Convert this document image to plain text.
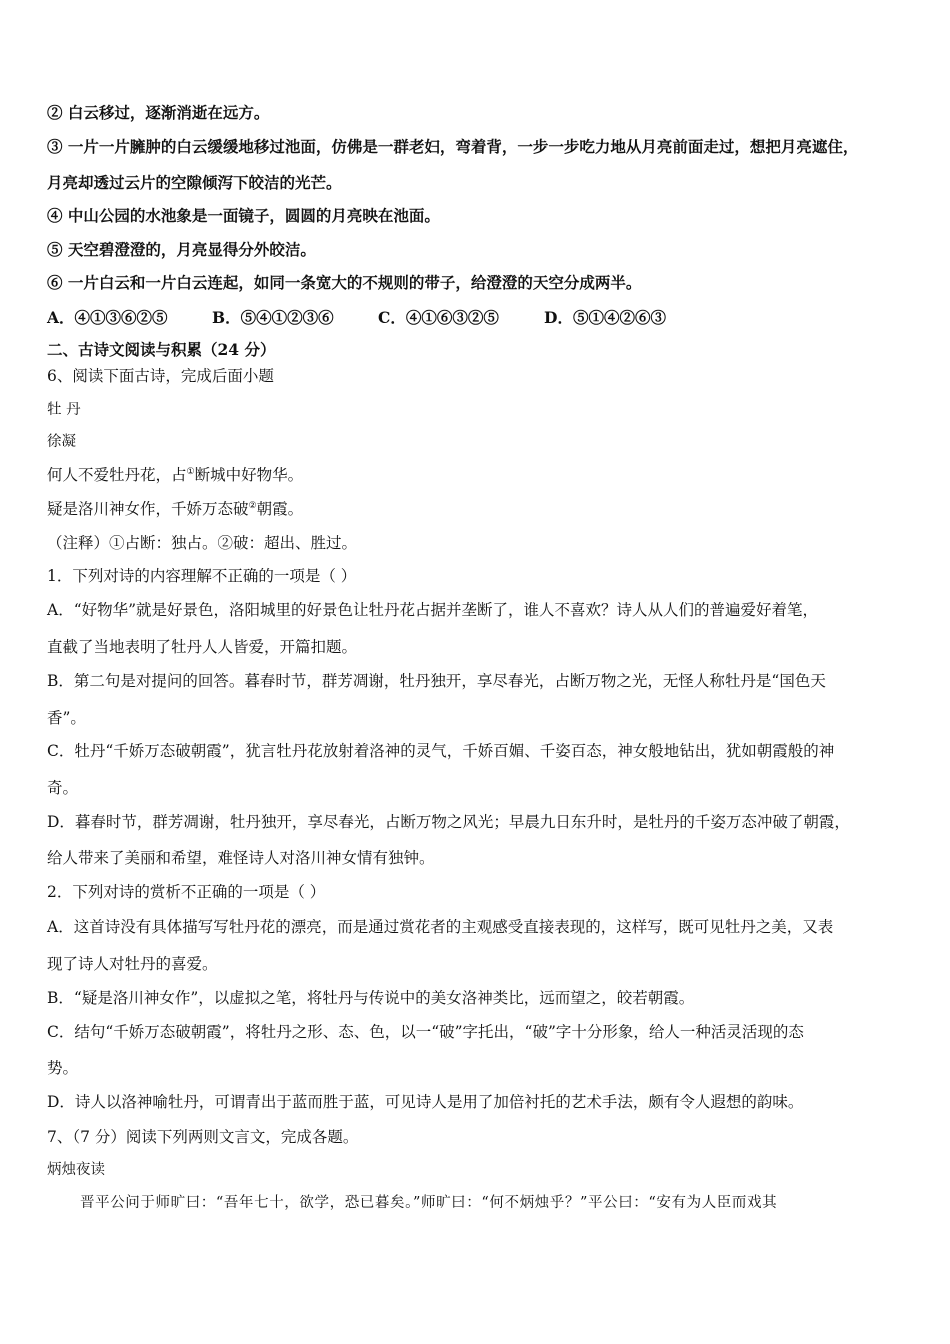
② 白云移过，逐渐消逝在远方。
③ 一片一片臃肿的白云缓缓地移过池面，仿佛是一群老妇，弯着背，一步一步吃力地从月亮前面走过，想把月亮遮住，
月亮却透过云片的空隙倾泻下皎洁的光芒。
④ 中山公园的水池象是一面镜子，圆圆的月亮映在池面。
⑤ 天空碧澄澄的，月亮显得分外皎洁。
⑥ 一片白云和一片白云连起，如同一条宽大的不规则的带子，给澄澄的天空分成两半。
A．④①③⑥②⑤	B．⑤④①②③⑥	C．④①⑥③②⑤	D．⑤①④②⑥③
二、古诗文阅读与积累（24 分）
6、阅读下面古诗，完成后面小题
牡 丹
徐凝
何人不爱牡丹花，占①断城中好物华。
疑是洛川神女作，千娇万态破②朝霞。
（注释）①占断：独占。②破：超出、胜过。
1．下列对诗的内容理解不正确的一项是（ ）
A．“好物华”就是好景色，洛阳城里的好景色让牡丹花占据并垄断了，谁人不喜欢？诗人从人们的普遍爱好着笔，
直截了当地表明了牡丹人人皆爱，开篇扣题。
B．第二句是对提问的回答。暮春时节，群芳凋谢，牡丹独开，享尽春光，占断万物之光，无怪人称牡丹是“国色天
香”。
C．牡丹“千娇万态破朝霞”，犹言牡丹花放射着洛神的灵气，千娇百媚、千姿百态，神女般地钻出，犹如朝霞般的神
奇。
D．暮春时节，群芳凋谢，牡丹独开，享尽春光，占断万物之风光；早晨九日东升时，是牡丹的千姿万态冲破了朝霞，
给人带来了美丽和希望，难怪诗人对洛川神女情有独钟。
2．下列对诗的赏析不正确的一项是（ ）
A．这首诗没有具体描写写牡丹花的漂亮，而是通过赏花者的主观感受直接表现的，这样写，既可见牡丹之美，又表
现了诗人对牡丹的喜爱。
B．“疑是洛川神女作”，以虚拟之笔，将牡丹与传说中的美女洛神类比，远而望之，皎若朝霞。
C．结句“千娇万态破朝霞”，将牡丹之形、态、色，以一“破”字托出，“破”字十分形象，给人一种活灵活现的态
势。
D．诗人以洛神喻牡丹，可谓青出于蓝而胜于蓝，可见诗人是用了加倍衬托的艺术手法，颇有令人遐想的韵味。
7、（7 分）阅读下列两则文言文，完成各题。
炳烛夜读
晋平公问于师旷曰：“吾年七十，欲学，恐已暮矣。”师旷曰：“何不炳烛乎？”平公曰：“安有为人臣而戏其
